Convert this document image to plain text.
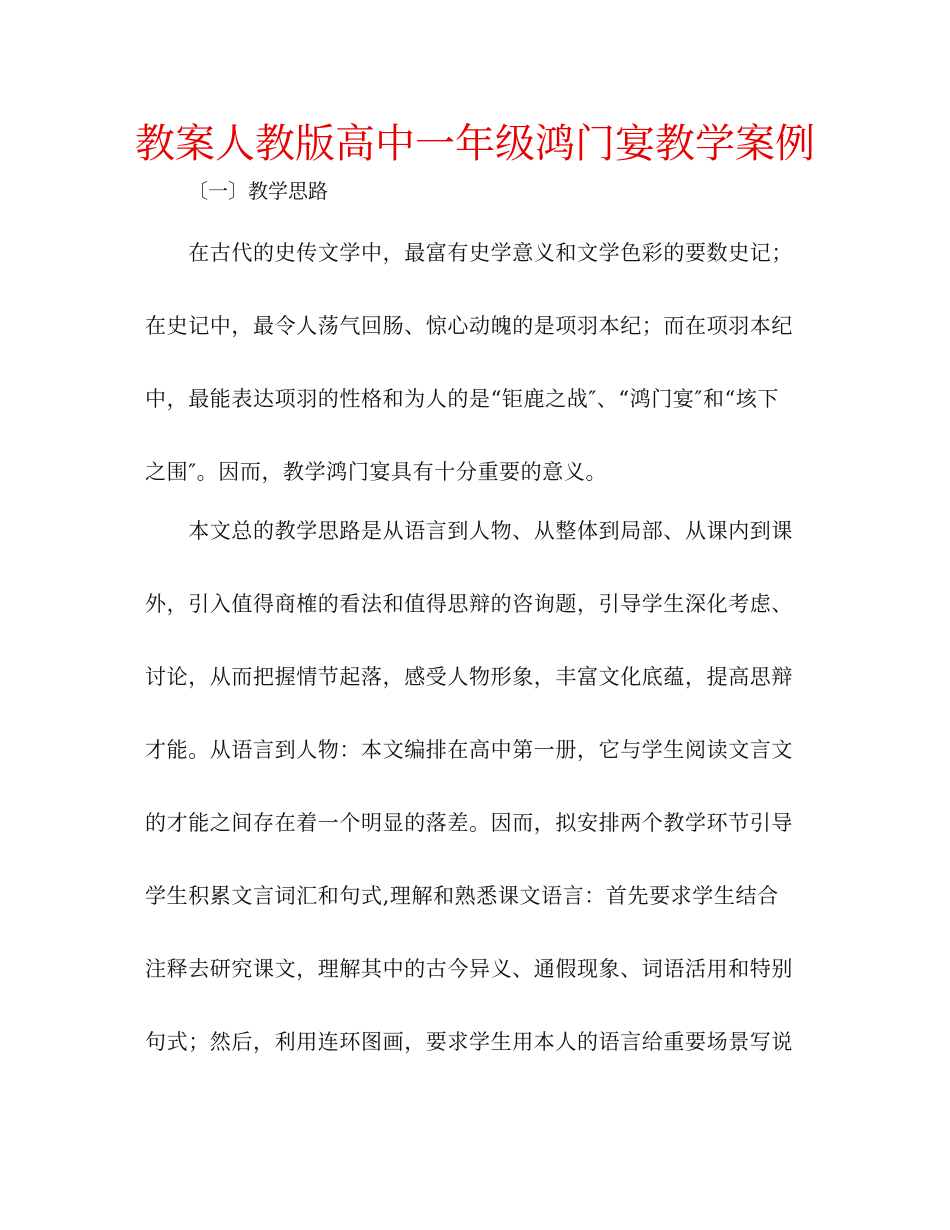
教案人教版高中一年级鸿门宴教学案例
〔一〕教学思路
　　在古代的史传文学中，最富有史学意义和文学色彩的要数史记；
在史记中，最令人荡气回肠、惊心动魄的是项羽本纪；而在项羽本纪
中，最能表达项羽的性格和为人的是“钜鹿之战″、“鸿门宴″和“垓下
之围″。因而，教学鸿门宴具有十分重要的意义。
　　本文总的教学思路是从语言到人物、从整体到局部、从课内到课
外，引入值得商榷的看法和值得思辩的咨询题，引导学生深化考虑、
讨论，从而把握情节起落，感受人物形象，丰富文化底蕴，提高思辩
才能。从语言到人物：本文编排在高中第一册，它与学生阅读文言文
的才能之间存在着一个明显的落差。因而，拟安排两个教学环节引导
学生积累文言词汇和句式,理解和熟悉课文语言：首先要求学生结合
注释去研究课文，理解其中的古今异义、通假现象、词语活用和特别
句式；然后，利用连环图画，要求学生用本人的语言给重要场景写说
